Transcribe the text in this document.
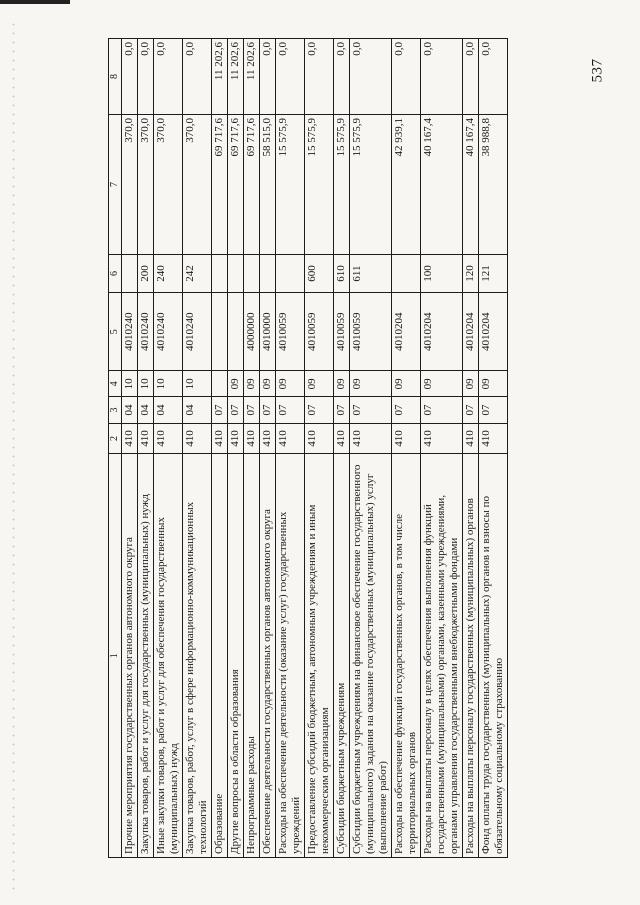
537
1	2	3	4	5	6	7	8
Прочие мероприятия государственных органов автономного округа	410	04	10	4010240		370,0	0,0
Закупка товаров, работ и услуг для государственных (муниципальных) нужд	410	04	10	4010240	200	370,0	0,0
Иные закупки товаров, работ и услуг для обеспечения государственных (муниципальных) нужд	410	04	10	4010240	240	370,0	0,0
Закупка товаров, работ, услуг в сфере информационно-коммуникационных технологий	410	04	10	4010240	242	370,0	0,0
Образование	410	07				69 717,6	11 202,6
Другие вопросы в области образования	410	07	09			69 717,6	11 202,6
Непрограммные расходы	410	07	09	4000000		69 717,6	11 202,6
Обеспечение деятельности государственных органов автономного округа	410	07	09	4010000		58 515,0	0,0
Расходы на обеспечение деятельности (оказание услуг) государственных учреждений	410	07	09	4010059		15 575,9	0,0
Предоставление субсидий бюджетным, автономным учреждениям и иным некоммерческим организациям	410	07	09	4010059	600	15 575,9	0,0
Субсидии бюджетным учреждениям	410	07	09	4010059	610	15 575,9	0,0
Субсидии бюджетным учреждениям на финансовое обеспечение государственного (муниципального) задания на оказание государственных (муниципальных) услуг (выполнение работ)	410	07	09	4010059	611	15 575,9	0,0
Расходы на обеспечение функций государственных органов, в том числе территориальных органов	410	07	09	4010204		42 939,1	0,0
Расходы на выплаты персоналу в целях обеспечения выполнения функций государственными (муниципальными) органами, казенными учреждениями, органами управления государственными внебюджетными фондами	410	07	09	4010204	100	40 167,4	0,0
Расходы на выплаты персоналу государственных (муниципальных) органов	410	07	09	4010204	120	40 167,4	0,0
Фонд оплаты труда государственных (муниципальных) органов и взносы по обязательному социальному страхованию	410	07	09	4010204	121	38 988,8	0,0
